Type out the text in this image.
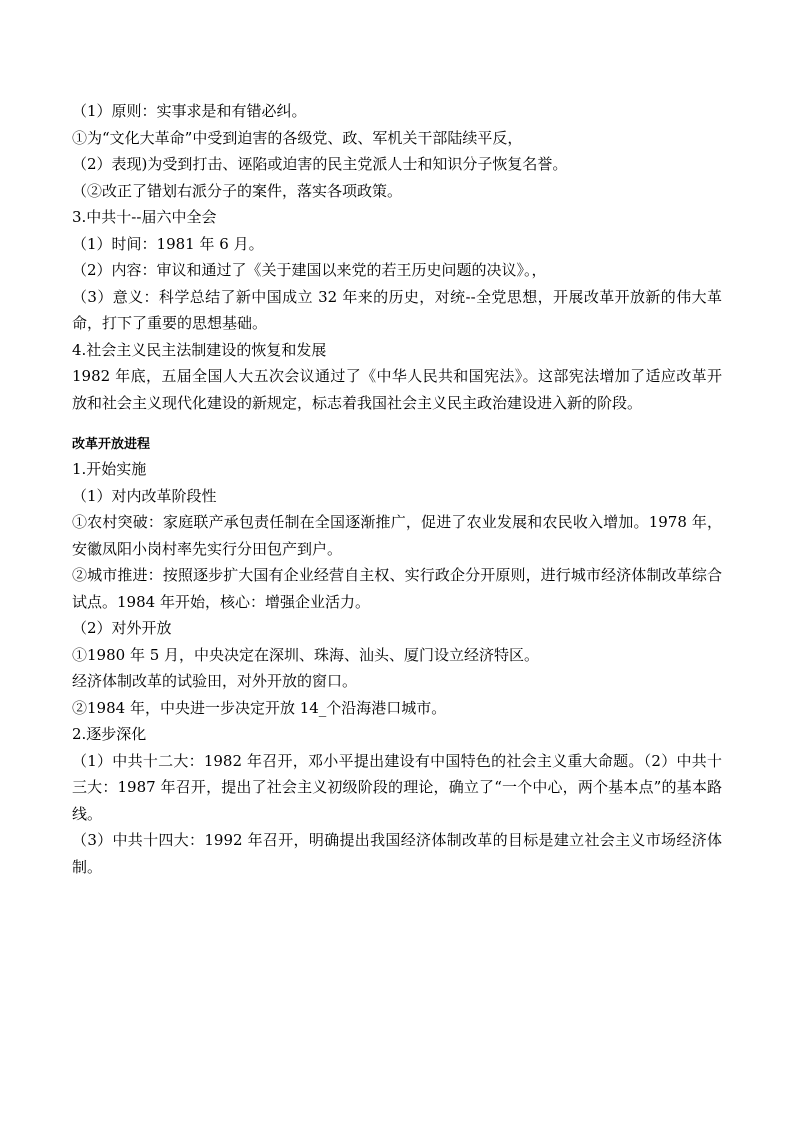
（1）原则：实事求是和有错必纠。
①为“文化大革命”中受到迫害的各级党、政、军机关干部陆续平反，
（2）表现)为受到打击、诬陷或迫害的民主党派人士和知识分子恢复名誉。
（②改正了错划右派分子的案件，落实各项政策。
3.中共十--届六中全会
（1）时间：1981 年 6 月。
（2）内容：审议和通过了《关于建国以来党的若王历史问题的决议》。，
（3）意义：科学总结了新中国成立 32 年来的历史，对统--全党思想，开展改革开放新的伟大革命，打下了重要的思想基础。
4.社会主义民主法制建设的恢复和发展
1982 年底，五届全国人大五次会议通过了《中华人民共和国宪法》。这部宪法增加了适应改革开放和社会主义现代化建设的新规定，标志着我国社会主义民主政治建设进入新的阶段。
改革开放进程
1.开始实施
（1）对内改革阶段性
①农村突破：家庭联产承包责任制在全国逐渐推广，促进了农业发展和农民收入增加。1978 年，安徽凤阳小岗村率先实行分田包产到户。
②城市推进：按照逐步扩大国有企业经营自主权、实行政企分开原则，进行城市经济体制改革综合试点。1984 年开始，核心：增强企业活力。
（2）对外开放
①1980 年 5 月，中央决定在深圳、珠海、汕头、厦门设立经济特区。
经济体制改革的试验田，对外开放的窗口。
②1984 年，中央进一步决定开放 14_个沿海港口城市。
2.逐步深化
（1）中共十二大：1982 年召开，邓小平提出建设有中国特色的社会主义重大命题。（2）中共十三大：1987 年召开，提出了社会主义初级阶段的理论，确立了“一个中心，两个基本点”的基本路线。
（3）中共十四大：1992 年召开，明确提出我国经济体制改革的目标是建立社会主义市场经济体制。
